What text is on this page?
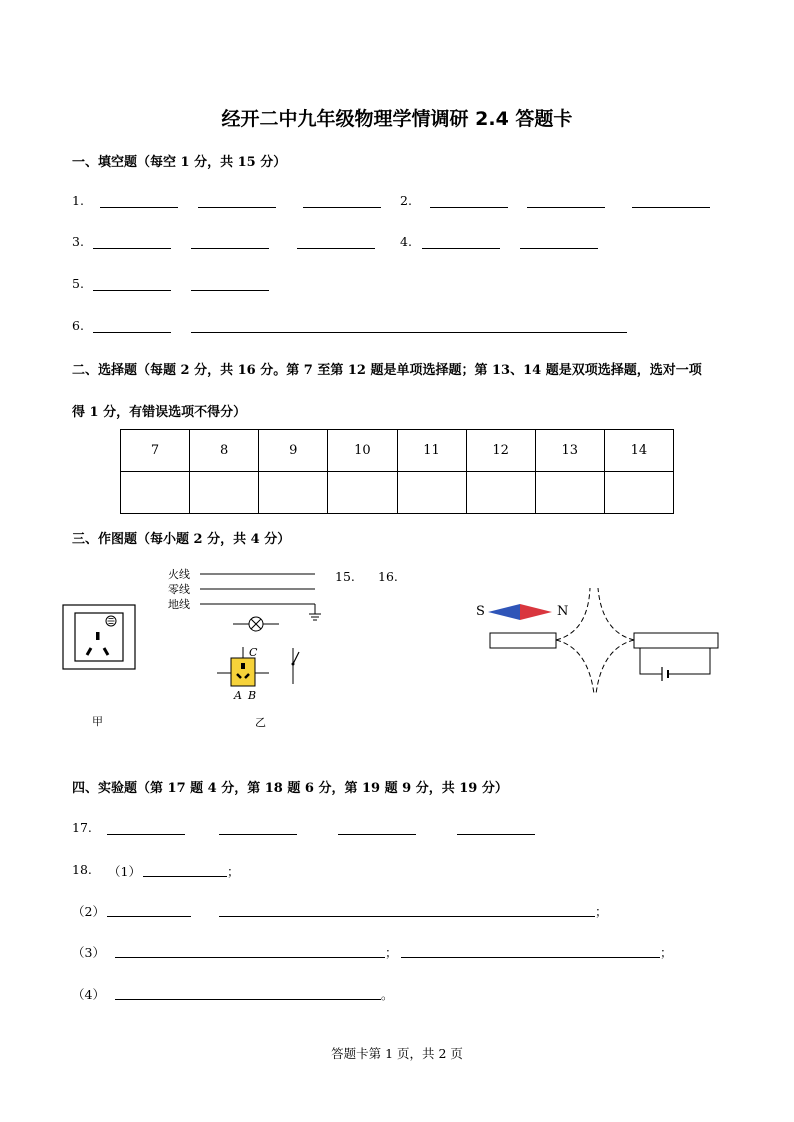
经开二中九年级物理学情调研 2.4 答题卡
一、填空题（每空 1 分，共 15 分）
1.	2.
3.	4.
5.
6.
二、选择题（每题 2 分，共 16 分。第 7 至第 12 题是单项选择题；第 13、14 题是双项选择题，选对一项
得 1 分，有错误选项不得分）
7	8	9	10	11	12	13	14

三、作图题（每小题 2 分，共 4 分）
甲
火线
零线
地线
C
A B
乙
15. 16.
S	N
四、实验题（第 17 题 4 分，第 18 题 6 分，第 19 题 9 分，共 19 分）
17.
18. （1）	；
（2）	；
（3）	；	；
（4）	。
答题卡第 1 页，共 2 页
